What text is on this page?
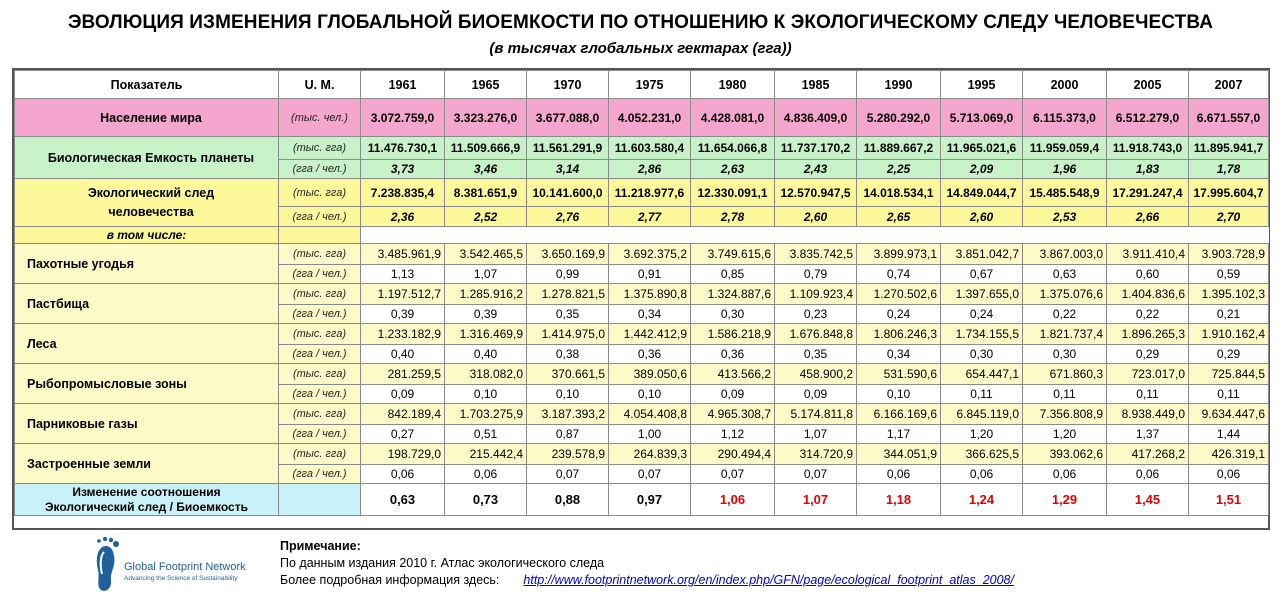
ЭВОЛЮЦИЯ ИЗМЕНЕНИЯ ГЛОБАЛЬНОЙ БИОЕМКОСТИ ПО ОТНОШЕНИЮ К ЭКОЛОГИЧЕСКОМУ СЛЕДУ ЧЕЛОВЕЧЕСТВА
(в тысячах глобальных гектарах (гга))
Показатель	U. M.	1961	1965	1970	1975	1980	1985	1990	1995	2000	2005	2007
Население мира	(тыс. чел.)	3.072.759,0	3.323.276,0	3.677.088,0	4.052.231,0	4.428.081,0	4.836.409,0	5.280.292,0	5.713.069,0	6.115.373,0	6.512.279,0	6.671.557,0
Биологическая Емкость планеты	(тыс. гга)	11.476.730,1	11.509.666,9	11.561.291,9	11.603.580,4	11.654.066,8	11.737.170,2	11.889.667,2	11.965.021,6	11.959.059,4	11.918.743,0	11.895.941,7
	(гга / чел.)	3,73	3,46	3,14	2,86	2,63	2,43	2,25	2,09	1,96	1,83	1,78
Экологический след
человечества	(тыс. гга)	7.238.835,4	8.381.651,9	10.141.600,0	11.218.977,6	12.330.091,1	12.570.947,5	14.018.534,1	14.849.044,7	15.485.548,9	17.291.247,4	17.995.604,7
	(гга / чел.)	2,36	2,52	2,76	2,77	2,78	2,60	2,65	2,60	2,53	2,66	2,70
в том числе:												
Пахотные угодья	(тыс. гга)	3.485.961,9	3.542.465,5	3.650.169,9	3.692.375,2	3.749.615,6	3.835.742,5	3.899.973,1	3.851.042,7	3.867.003,0	3.911.410,4	3.903.728,9
	(гга / чел.)	1,13	1,07	0,99	0,91	0,85	0,79	0,74	0,67	0,63	0,60	0,59
Пастбища	(тыс. гга)	1.197.512,7	1.285.916,2	1.278.821,5	1.375.890,8	1.324.887,6	1.109.923,4	1.270.502,6	1.397.655,0	1.375.076,6	1.404.836,6	1.395.102,3
	(гга / чел.)	0,39	0,39	0,35	0,34	0,30	0,23	0,24	0,24	0,22	0,22	0,21
Леса	(тыс. гга)	1.233.182,9	1.316.469,9	1.414.975,0	1.442.412,9	1.586.218,9	1.676.848,8	1.806.246,3	1.734.155,5	1.821.737,4	1.896.265,3	1.910.162,4
	(гга / чел.)	0,40	0,40	0,38	0,36	0,36	0,35	0,34	0,30	0,30	0,29	0,29
Рыбопромысловые зоны	(тыс. гга)	281.259,5	318.082,0	370.661,5	389.050,6	413.566,2	458.900,2	531.590,6	654.447,1	671.860,3	723.017,0	725.844,5
	(гга / чел.)	0,09	0,10	0,10	0,10	0,09	0,09	0,10	0,11	0,11	0,11	0,11
Парниковые газы	(тыс. гга)	842.189,4	1.703.275,9	3.187.393,2	4.054.408,8	4.965.308,7	5.174.811,8	6.166.169,6	6.845.119,0	7.356.808,9	8.938.449,0	9.634.447,6
	(гга / чел.)	0,27	0,51	0,87	1,00	1,12	1,07	1,17	1,20	1,20	1,37	1,44
Застроенные земли	(тыс. гга)	198.729,0	215.442,4	239.578,9	264.839,3	290.494,4	314.720,9	344.051,9	366.625,5	393.062,6	417.268,2	426.319,1
	(гга / чел.)	0,06	0,06	0,07	0,07	0,07	0,07	0,06	0,06	0,06	0,06	0,06
Изменение соотношения
Экологический след / Биоемкость		0,63	0,73	0,88	0,97	1,06	1,07	1,18	1,24	1,29	1,45	1,51
Global Footprint Network
Advancing the Science of Sustainability
Примечание:
По данным издания 2010 г. Атлас экологического следа
Более подробная информация здесь: http://www.footprintnetwork.org/en/index.php/GFN/page/ecological_footprint_atlas_2008/
